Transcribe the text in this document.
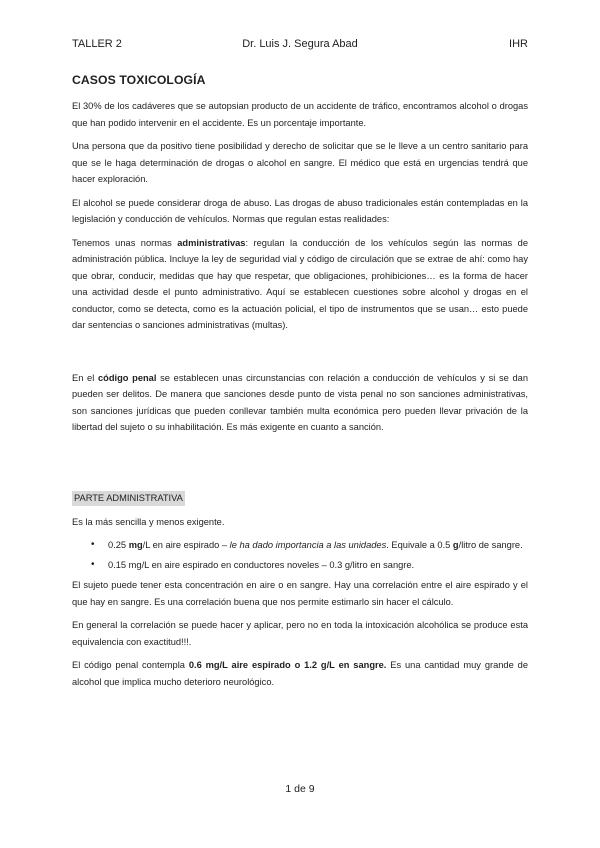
TALLER 2	Dr. Luis J. Segura Abad	IHR
CASOS TOXICOLOGÍA

El 30% de los cadáveres que se autopsian producto de un accidente de tráfico, encontramos alcohol o drogas que han podido intervenir en el accidente. Es un porcentaje importante.

Una persona que da positivo tiene posibilidad y derecho de solicitar que se le lleve a un centro sanitario para que se le haga determinación de drogas o alcohol en sangre. El médico que está en urgencias tendrá que hacer exploración.

El alcohol se puede considerar droga de abuso. Las drogas de abuso tradicionales están contempladas en la legislación y conducción de vehículos. Normas que regulan estas realidades:

Tenemos unas normas administrativas: regulan la conducción de los vehículos según las normas de administración pública. Incluye la ley de seguridad vial y código de circulación que se extrae de ahí: como hay que obrar, conducir, medidas que hay que respetar, que obligaciones, prohibiciones… es la forma de hacer una actividad desde el punto administrativo. Aquí se establecen cuestiones sobre alcohol y drogas en el conductor, como se detecta, como es la actuación policial, el tipo de instrumentos que se usan… esto puede dar sentencias o sanciones administrativas (multas).

En el código penal se establecen unas circunstancias con relación a conducción de vehículos y si se dan pueden ser delitos. De manera que sanciones desde punto de vista penal no son sanciones administrativas, son sanciones jurídicas que pueden conllevar también multa económica pero pueden llevar privación de la libertad del sujeto o su inhabilitación. Es más exigente en cuanto a sanción.

PARTE ADMINISTRATIVA

Es la más sencilla y menos exigente.

• 0.25 mg/L en aire espirado – le ha dado importancia a las unidades. Equivale a 0.5 g/litro de sangre.
• 0.15 mg/L en aire espirado en conductores noveles – 0.3 g/litro en sangre.

El sujeto puede tener esta concentración en aire o en sangre. Hay una correlación entre el aire espirado y el que hay en sangre. Es una correlación buena que nos permite estimarlo sin hacer el cálculo.

En general la correlación se puede hacer y aplicar, pero no en toda la intoxicación alcohólica se produce esta equivalencia con exactitud!!!.

El código penal contempla 0.6 mg/L aire espirado o 1.2 g/L en sangre. Es una cantidad muy grande de alcohol que implica mucho deterioro neurológico.

1 de 9
